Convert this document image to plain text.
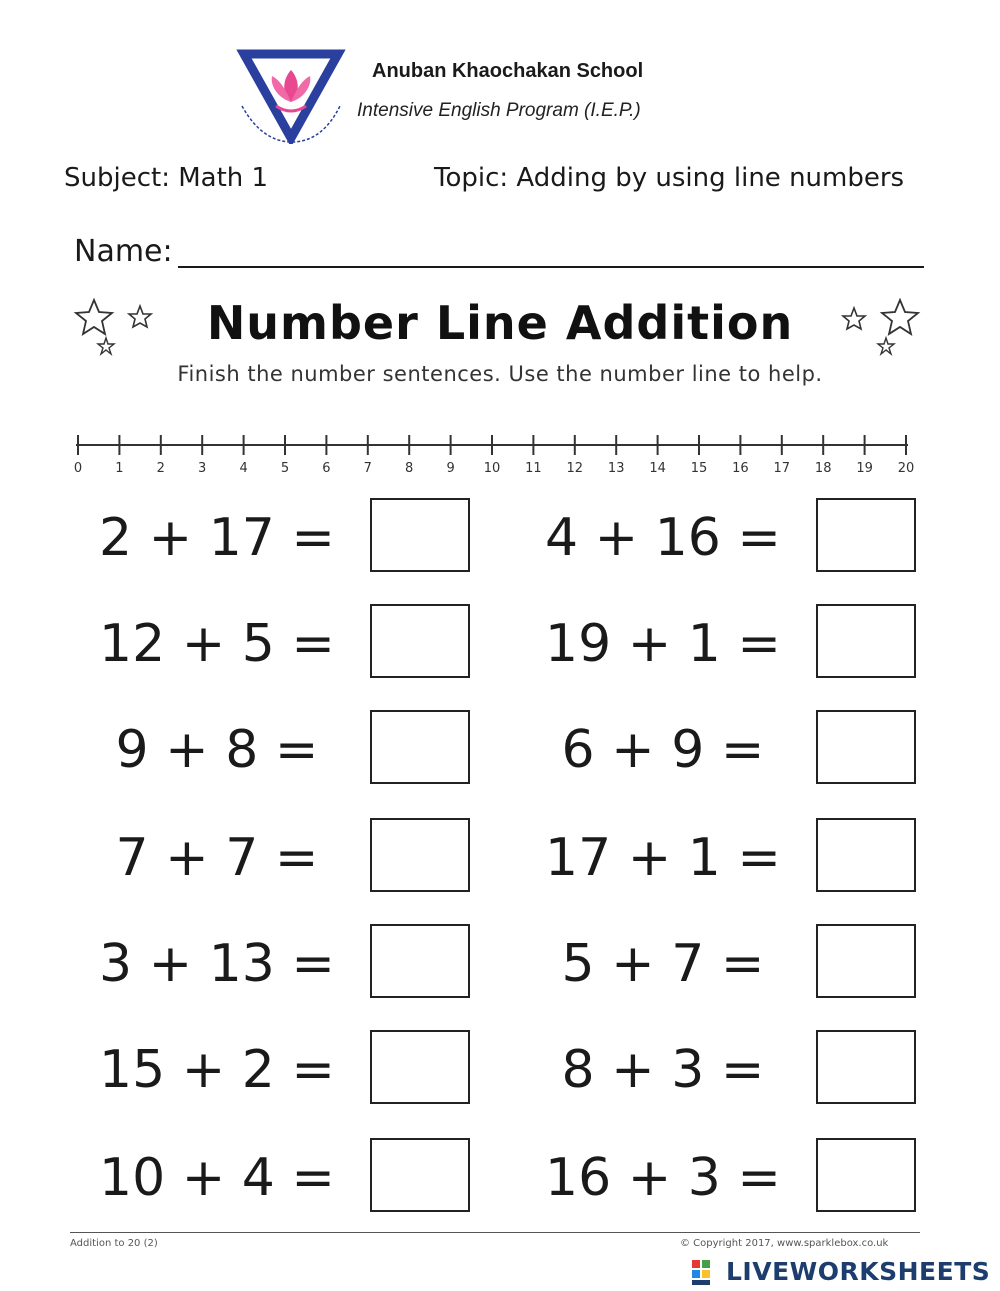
Anuban Khaochakan School
Intensive English Program (I.E.P.)
Subject: Math 1	Topic: Adding by using line numbers
Name:
Number Line Addition
Finish the number sentences. Use the number line to help.
0	1	2	3	4	5	6	7	8	9 10 11 12 13 14 15 16 17 18 19 20
2 + 17 =
12 + 5 =
9 + 8 =
7 + 7 =
3 + 13 =
15 + 2 =
10 + 4 =
4 + 16 =
19 + 1 =
6 + 9 =
17 + 1 =
5 + 7 =
8 + 3 =
16 + 3 =
Addition to 20 (2)	© Copyright 2017, www.sparklebox.co.uk
LIVEWORKSHEETS
